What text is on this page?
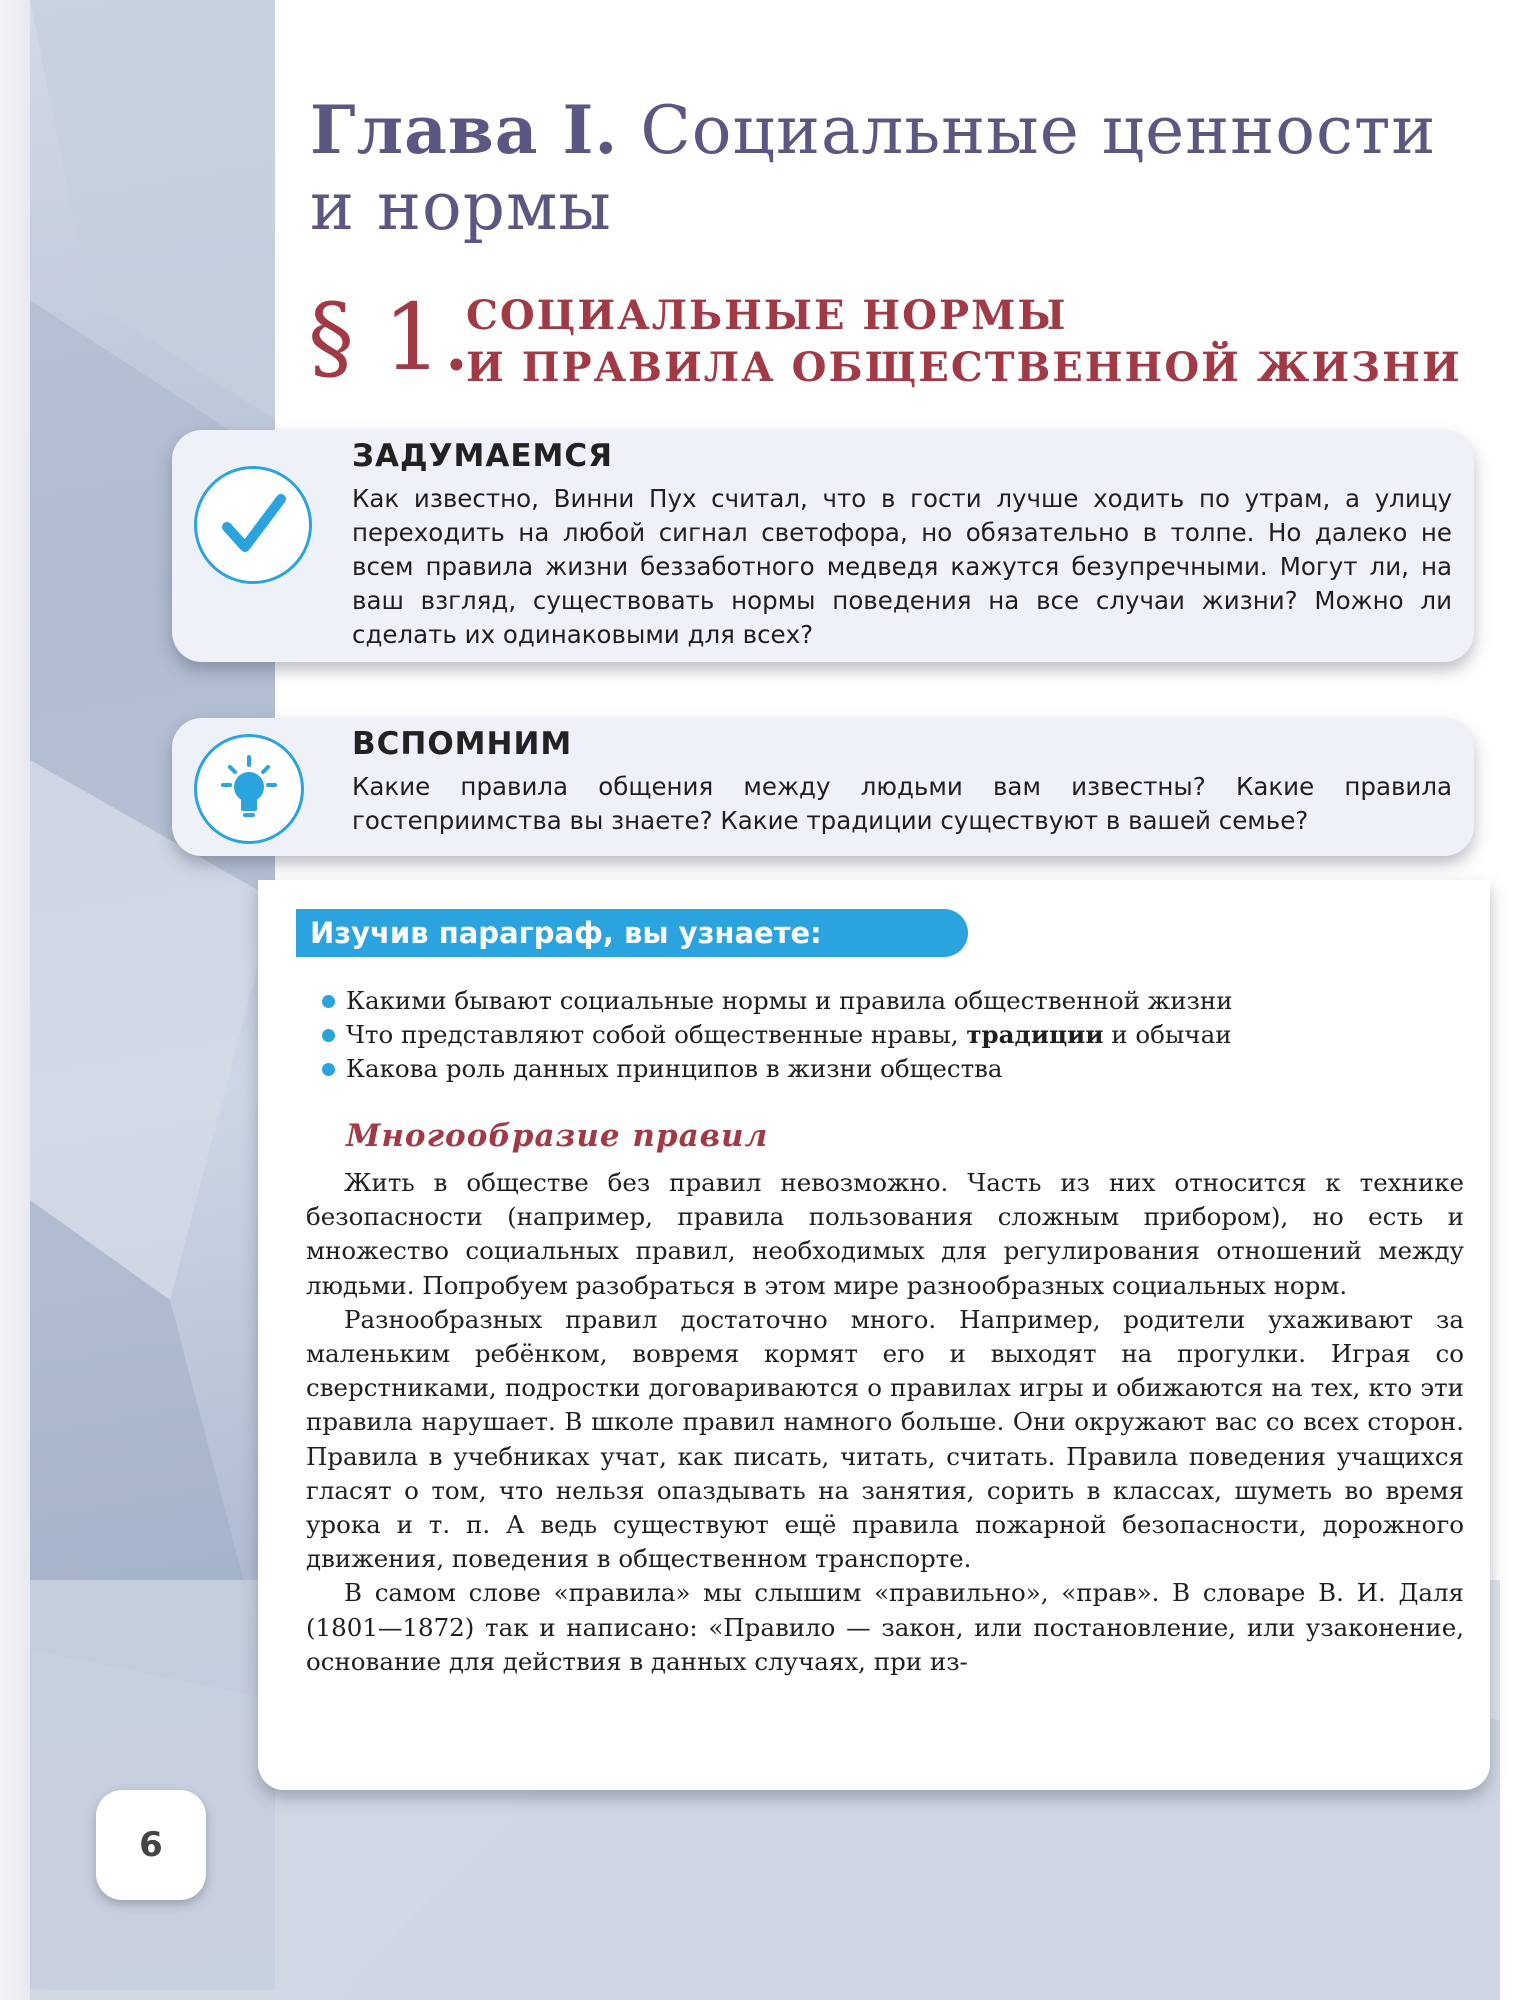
Глава I. Социальные ценности
и нормы
§ 1.
СОЦИАЛЬНЫЕ НОРМЫ
И ПРАВИЛА ОБЩЕСТВЕННОЙ ЖИЗНИ
ЗАДУМАЕМСЯ
Как известно, Винни Пух считал, что в гости лучше ходить по утрам, а улицу переходить на любой сигнал светофора, но обязательно в толпе. Но далеко не всем правила жизни беззаботного медведя кажутся безупречными. Могут ли, на ваш взгляд, существовать нормы поведения на все случаи жизни? Можно ли сделать их одинаковыми для всех?
ВСПОМНИМ
Какие правила общения между людьми вам известны? Какие правила гостеприимства вы знаете? Какие традиции существуют в вашей семье?
Изучив параграф, вы узнаете:
Какими бывают социальные нормы и правила общественной жизни
Что представляют собой общественные нравы, традиции и обычаи
Какова роль данных принципов в жизни общества
Многообразие правил

Жить в обществе без правил невозможно. Часть из них относится к технике безопасности (например, правила пользования сложным прибором), но есть и множество социальных правил, необходимых для регулирования отношений между людьми. Попробуем разобраться в этом мире разнообразных социальных норм.

Разнообразных правил достаточно много. Например, родители ухаживают за маленьким ребёнком, вовремя кормят его и выходят на прогулки. Играя со сверстниками, подростки договариваются о правилах игры и обижаются на тех, кто эти правила нарушает. В школе правил намного больше. Они окружают вас со всех сторон. Правила в учебниках учат, как писать, читать, считать. Правила поведения учащихся гласят о том, что нельзя опаздывать на занятия, сорить в классах, шуметь во время урока и т. п. А ведь существуют ещё правила пожарной безопасности, дорожного движения, поведения в общественном транспорте.

В самом слове «правила» мы слышим «правильно», «прав». В словаре В. И. Даля (1801—1872) так и написано: «Правило — закон, или постановление, или узаконение, основание для действия в данных случаях, при из-

6
